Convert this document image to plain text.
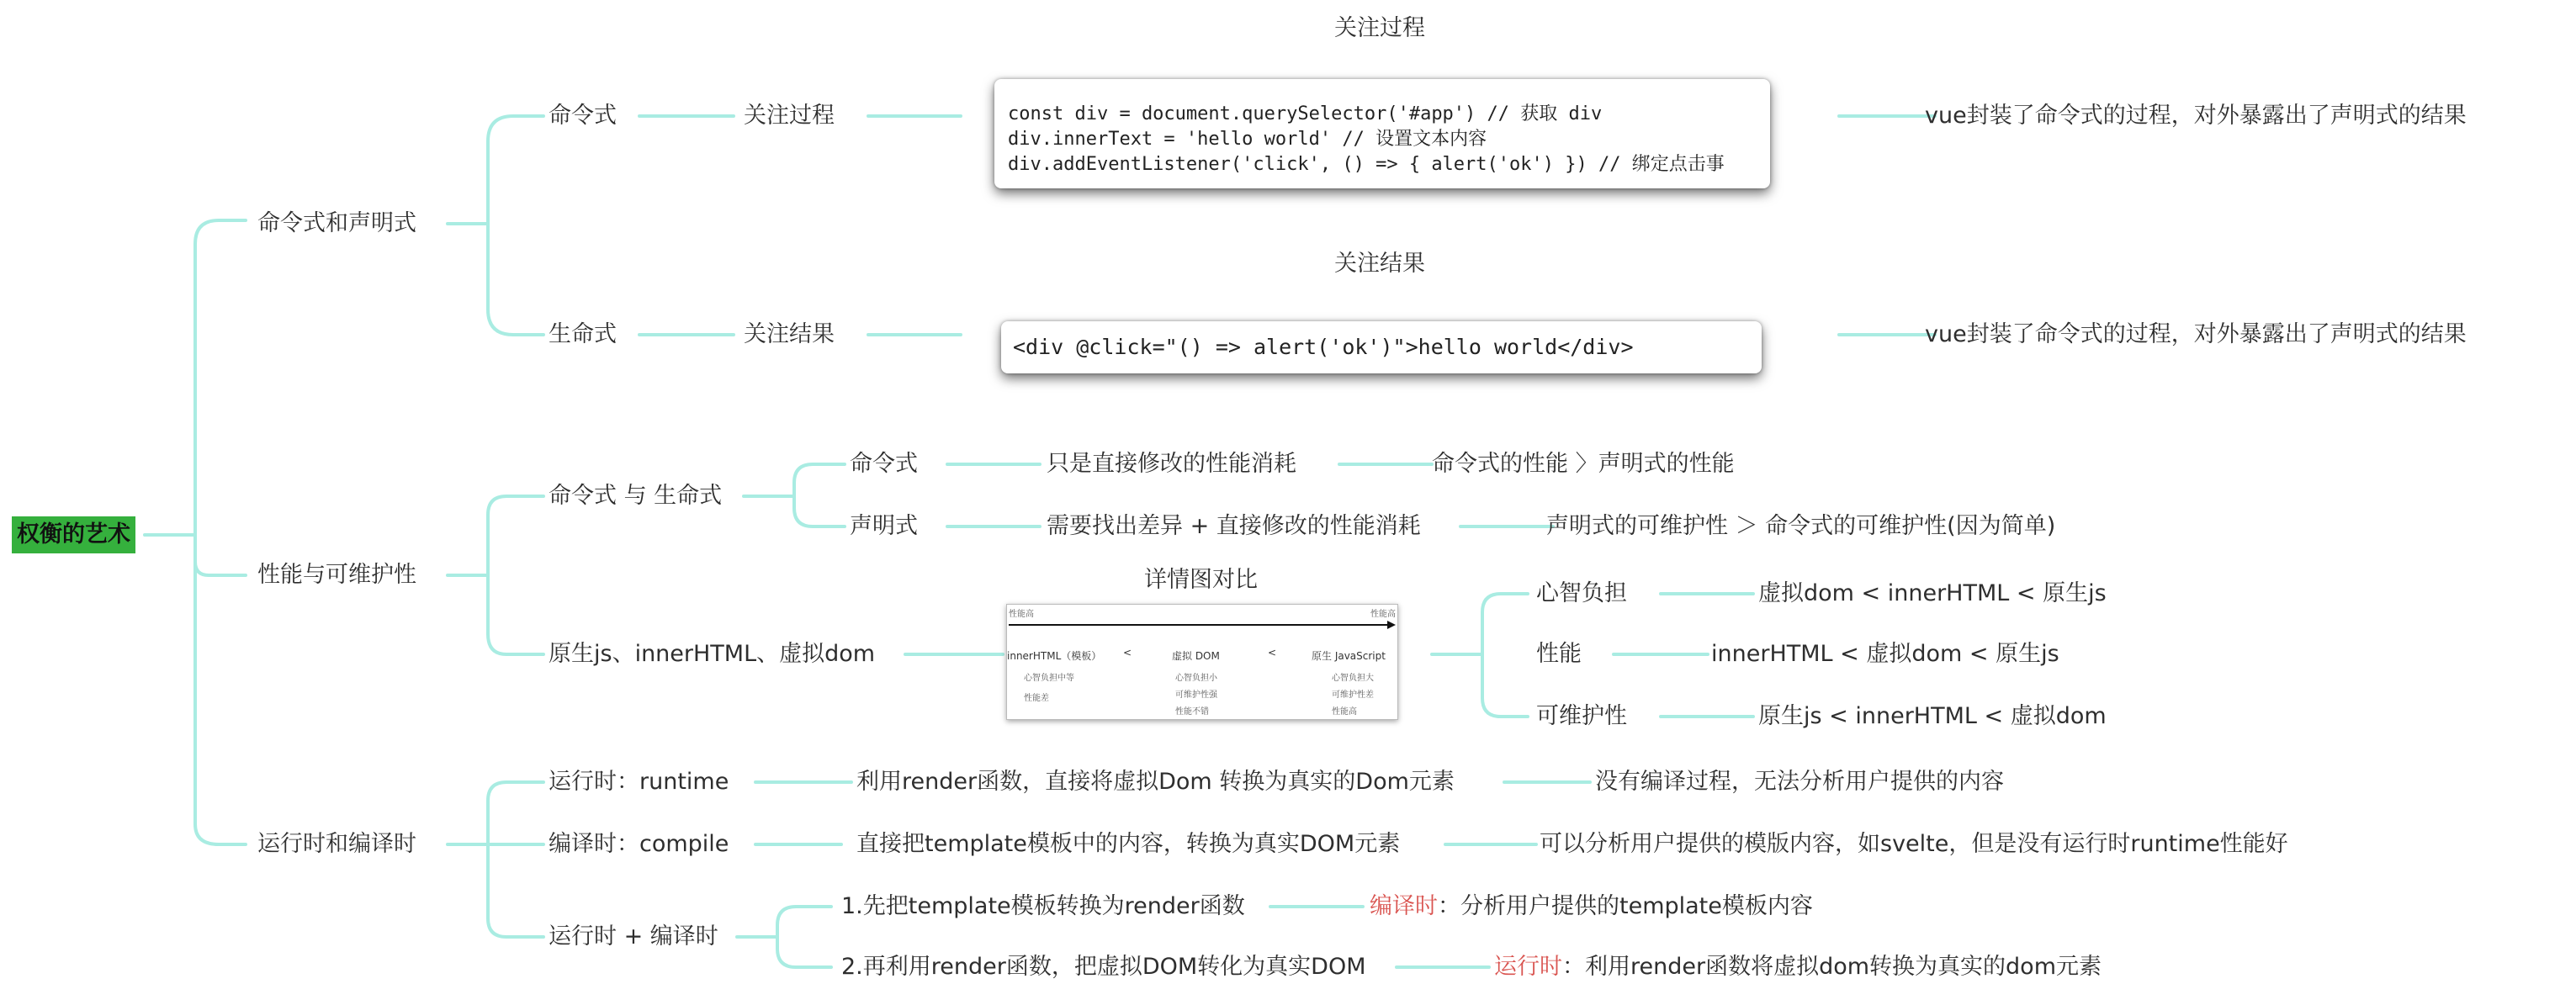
权衡的艺术
命令式和声明式
性能与可维护性
运行时和编译时
命令式	关注过程
关注过程
const div = document.querySelector('#app') // 获取 div
div.innerText = 'hello world' // 设置文本内容
div.addEventListener('click', () => { alert('ok') }) // 绑定点击事
vue封装了命令式的过程，对外暴露出了声明式的结果
生命式	关注结果
关注结果
<div @click="() => alert('ok')">hello world</div>	vue封装了命令式的过程，对外暴露出了声明式的结果
命令式 与 生命式
命令式	只是直接修改的性能消耗	命令式的性能 〉声明式的性能
声明式	需要找出差异 + 直接修改的性能消耗	声明式的可维护性 ＞ 命令式的可维护性(因为简单)
原生js、innerHTML、虚拟dom
详情图对比
性能高	性能高
innerHTML（模板） <	虚拟 DOM	<	原生 JavaScript
心智负担中等
性能差
心智负担小
可维护性强
性能不错
心智负担大
可维护性差
性能高
心智负担	虚拟dom < innerHTML < 原生js
性能	innerHTML < 虚拟dom < 原生js
可维护性	原生js < innerHTML < 虚拟dom
运行时：runtime	利用render函数，直接将虚拟Dom 转换为真实的Dom元素	没有编译过程，无法分析用户提供的内容
编译时：compile	直接把template模板中的内容，转换为真实DOM元素	可以分析用户提供的模版内容，如svelte，但是没有运行时runtime性能好
运行时 + 编译时
1.先把template模板转换为render函数	编译时：分析用户提供的template模板内容
2.再利用render函数，把虚拟DOM转化为真实DOM	运行时：利用render函数将虚拟dom转换为真实的dom元素
